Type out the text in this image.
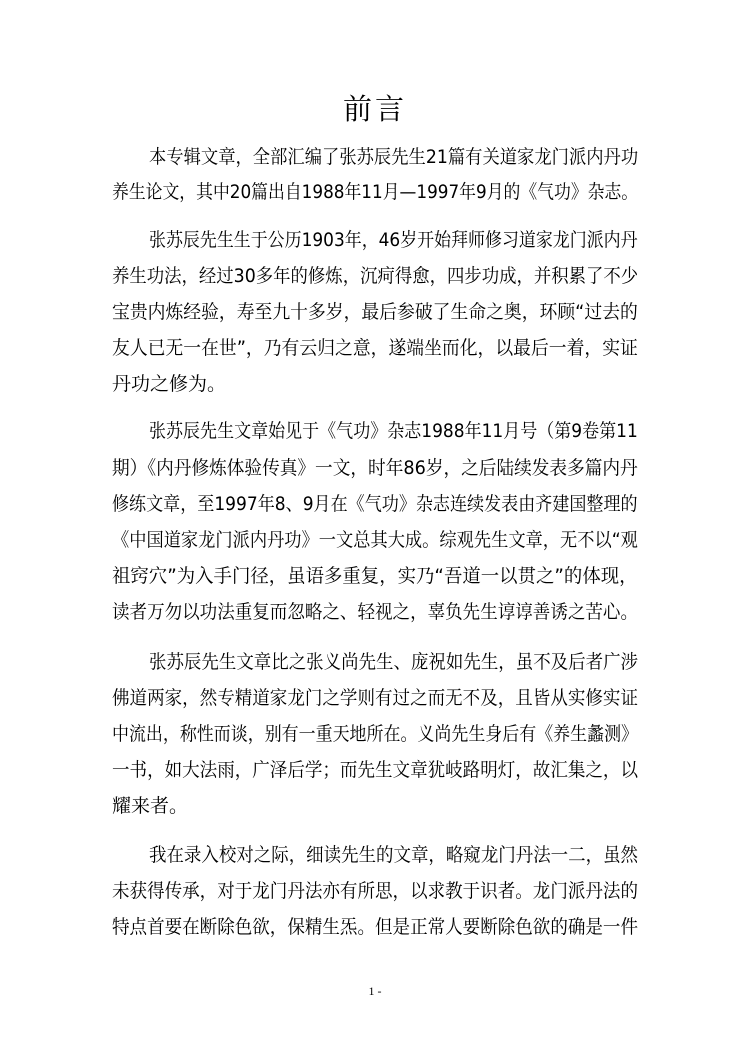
前言
本专辑文章，全部汇编了张苏辰先生21篇有关道家龙门派内丹功
养生论文，其中20篇出自1988年11月—1997年9月的《气功》杂志。
张苏辰先生生于公历1903年，46岁开始拜师修习道家龙门派内丹
养生功法，经过30多年的修炼，沉疴得愈，四步功成，并积累了不少
宝贵内炼经验，寿至九十多岁，最后参破了生命之奥，环顾“过去的
友人已无一在世”，乃有云归之意，遂端坐而化，以最后一着，实证
丹功之修为。
张苏辰先生文章始见于《气功》杂志1988年11月号（第9卷第11
期）《内丹修炼体验传真》一文，时年86岁，之后陆续发表多篇内丹
修练文章，至1997年8、9月在《气功》杂志连续发表由齐建国整理的
《中国道家龙门派内丹功》一文总其大成。综观先生文章，无不以“观
祖窍穴”为入手门径，虽语多重复，实乃“吾道一以贯之”的体现，
读者万勿以功法重复而忽略之、轻视之，辜负先生谆谆善诱之苦心。
张苏辰先生文章比之张义尚先生、庞祝如先生，虽不及后者广涉
佛道两家，然专精道家龙门之学则有过之而无不及，且皆从实修实证
中流出，称性而谈，别有一重天地所在。义尚先生身后有《养生蠡测》
一书，如大法雨，广泽后学；而先生文章犹岐路明灯，故汇集之，以
耀来者。
我在录入校对之际，细读先生的文章，略窥龙门丹法一二，虽然
未获得传承，对于龙门丹法亦有所思，以求教于识者。龙门派丹法的
特点首要在断除色欲，保精生炁。但是正常人要断除色欲的确是一件
1 -
